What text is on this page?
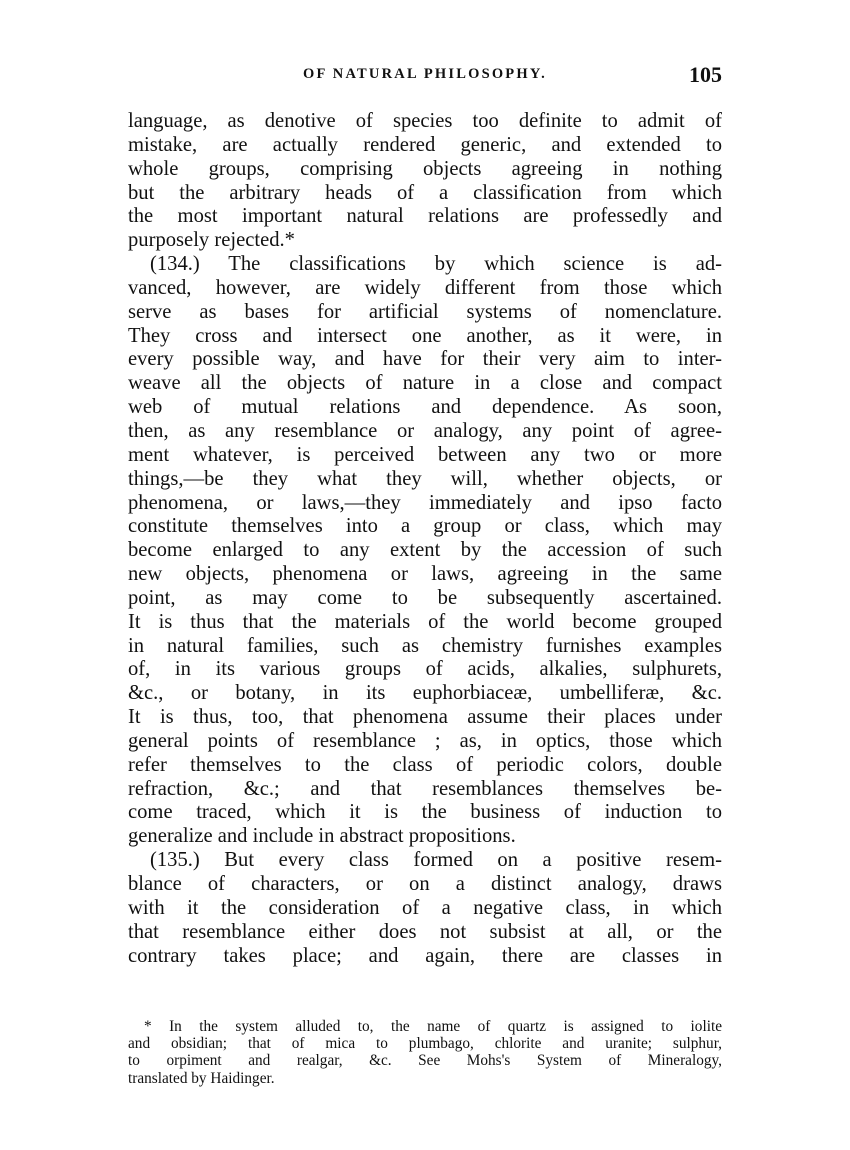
OF NATURAL PHILOSOPHY.	105
language, as denotive of species too definite to admit of
mistake, are actually rendered generic, and extended to
whole groups, comprising objects agreeing in nothing
but the arbitrary heads of a classification from which
the most important natural relations are professedly and
purposely rejected.*
(134.) The classifications by which science is ad-
vanced, however, are widely different from those which
serve as bases for artificial systems of nomenclature.
They cross and intersect one another, as it were, in
every possible way, and have for their very aim to inter-
weave all the objects of nature in a close and compact
web of mutual relations and dependence. As soon,
then, as any resemblance or analogy, any point of agree-
ment whatever, is perceived between any two or more
things,—be they what they will, whether objects, or
phenomena, or laws,—they immediately and ipso facto
constitute themselves into a group or class, which may
become enlarged to any extent by the accession of such
new objects, phenomena or laws, agreeing in the same
point, as may come to be subsequently ascertained.
It is thus that the materials of the world become grouped
in natural families, such as chemistry furnishes examples
of, in its various groups of acids, alkalies, sulphurets,
&c., or botany, in its euphorbiaceæ, umbelliferæ, &c.
It is thus, too, that phenomena assume their places under
general points of resemblance ; as, in optics, those which
refer themselves to the class of periodic colors, double
refraction, &c.; and that resemblances themselves be-
come traced, which it is the business of induction to
generalize and include in abstract propositions.
(135.) But every class formed on a positive resem-
blance of characters, or on a distinct analogy, draws
with it the consideration of a negative class, in which
that resemblance either does not subsist at all, or the
contrary takes place; and again, there are classes in
* In the system alluded to, the name of quartz is assigned to iolite
and obsidian; that of mica to plumbago, chlorite and uranite; sulphur,
to orpiment and realgar, &c. See Mohs's System of Mineralogy,
translated by Haidinger.
